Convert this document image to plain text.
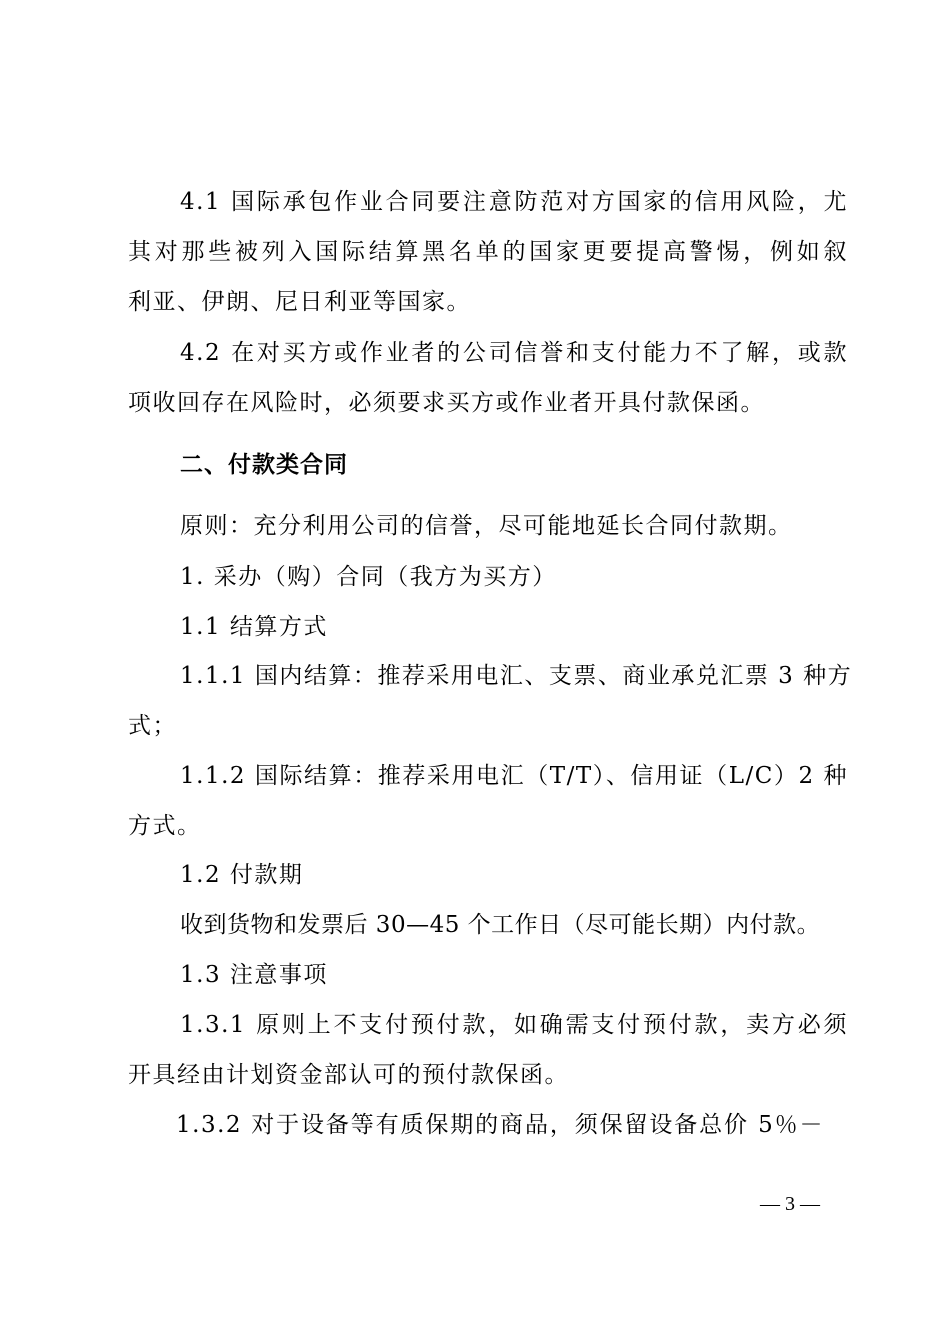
4.1 国际承包作业合同要注意防范对方国家的信用风险，尤
其对那些被列入国际结算黑名单的国家更要提高警惕，例如叙
利亚、伊朗、尼日利亚等国家。
4.2 在对买方或作业者的公司信誉和支付能力不了解，或款
项收回存在风险时，必须要求买方或作业者开具付款保函。
二、付款类合同
原则：充分利用公司的信誉，尽可能地延长合同付款期。
1. 采办（购）合同（我方为买方）
1.1 结算方式
1.1.1 国内结算：推荐采用电汇、支票、商业承兑汇票 3 种方
式；
1.1.2 国际结算：推荐采用电汇（T/T）、信用证（L/C）2 种
方式。
1.2 付款期
收到货物和发票后 30—45 个工作日（尽可能长期）内付款。
1.3 注意事项
1.3.1 原则上不支付预付款，如确需支付预付款，卖方必须
开具经由计划资金部认可的预付款保函。
1.3.2 对于设备等有质保期的商品，须保留设备总价 5％－
— 3 —
